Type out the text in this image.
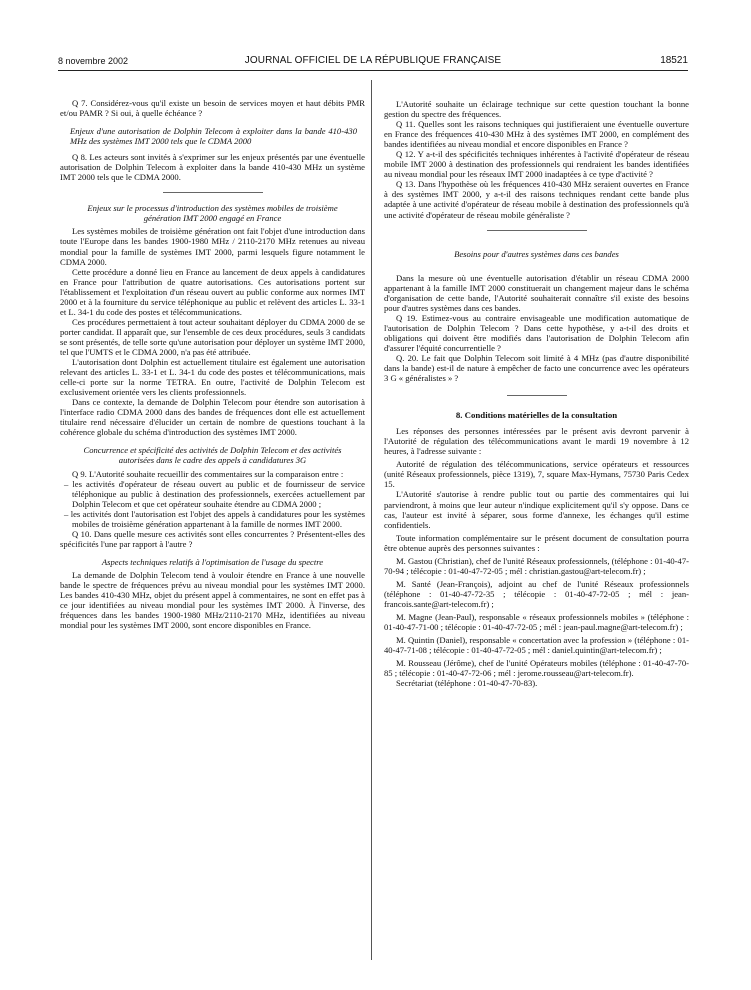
8 novembre 2002	JOURNAL OFFICIEL DE LA RÉPUBLIQUE FRANÇAISE	18521

Q 7. Considérez-vous qu'il existe un besoin de services moyen et haut débits PMR et/ou PAMR ? Si oui, à quelle échéance ?

Enjeux d'une autorisation de Dolphin Telecom à exploiter dans la bande 410-430 MHz des systèmes IMT 2000 tels que le CDMA 2000

Q 8. Les acteurs sont invités à s'exprimer sur les enjeux présentés par une éventuelle autorisation de Dolphin Telecom à exploiter dans la bande 410-430 MHz un système IMT 2000 tels que le CDMA 2000.

Enjeux sur le processus d'introduction des systèmes mobiles de troisième génération IMT 2000 engagé en France

Les systèmes mobiles de troisième génération ont fait l'objet d'une introduction dans toute l'Europe dans les bandes 1900-1980 MHz / 2110-2170 MHz retenues au niveau mondial pour la famille de systèmes IMT 2000, parmi lesquels figure notamment le CDMA 2000.

Cette procédure a donné lieu en France au lancement de deux appels à candidatures en France pour l'attribution de quatre autorisations. Ces autorisations portent sur l'établissement et l'exploitation d'un réseau ouvert au public conforme aux normes IMT 2000 et à la fourniture du service téléphonique au public et relèvent des articles L. 33-1 et L. 34-1 du code des postes et télécommunications.

Ces procédures permettaient à tout acteur souhaitant déployer du CDMA 2000 de se porter candidat. Il apparaît que, sur l'ensemble de ces deux procédures, seuls 3 candidats se sont présentés, de telle sorte qu'une autorisation pour déployer un système IMT 2000, tel que l'UMTS et le CDMA 2000, n'a pas été attribuée.

L'autorisation dont Dolphin est actuellement titulaire est également une autorisation relevant des articles L. 33-1 et L. 34-1 du code des postes et télécommunications, mais celle-ci porte sur la norme TETRA. En outre, l'activité de Dolphin Telecom est exclusivement orientée vers les clients professionnels.

Dans ce contexte, la demande de Dolphin Telecom pour étendre son autorisation à l'interface radio CDMA 2000 dans des bandes de fréquences dont elle est actuellement titulaire rend nécessaire d'élucider un certain de nombre de questions touchant à la cohérence globale du schéma d'introduction des systèmes IMT 2000.

Concurrence et spécificité des activités de Dolphin Telecom et des activités autorisées dans le cadre des appels à candidatures 3G

Q 9. L'Autorité souhaite recueillir des commentaires sur la comparaison entre :

– les activités d'opérateur de réseau ouvert au public et de fournisseur de service téléphonique au public à destination des professionnels, exercées actuellement par Dolphin Telecom et que cet opérateur souhaite étendre au CDMA 2000 ;
– les activités dont l'autorisation est l'objet des appels à candidatures pour les systèmes mobiles de troisième génération appartenant à la famille de normes IMT 2000.

Q 10. Dans quelle mesure ces activités sont elles concurrentes ? Présentent-elles des spécificités l'une par rapport à l'autre ?

Aspects techniques relatifs à l'optimisation de l'usage du spectre

La demande de Dolphin Telecom tend à vouloir étendre en France à une nouvelle bande le spectre de fréquences prévu au niveau mondial pour les systèmes IMT 2000. Les bandes 410-430 MHz, objet du présent appel à commentaires, ne sont en effet pas à ce jour identifiées au niveau mondial pour les systèmes IMT 2000. À l'inverse, des fréquences dans les bandes 1900-1980 MHz/2110-2170 MHz, identifiées au niveau mondial pour les systèmes IMT 2000, sont encore disponibles en France.

L'Autorité souhaite un éclairage technique sur cette question touchant la bonne gestion du spectre des fréquences.

Q 11. Quelles sont les raisons techniques qui justifieraient une éventuelle ouverture en France des fréquences 410-430 MHz à des systèmes IMT 2000, en complément des bandes identifiées au niveau mondial et encore disponibles en France ?

Q 12. Y a-t-il des spécificités techniques inhérentes à l'activité d'opérateur de réseau mobile IMT 2000 à destination des professionnels qui rendraient les bandes identifiées au niveau mondial pour les réseaux IMT 2000 inadaptées à ce type d'activité ?

Q 13. Dans l'hypothèse où les fréquences 410-430 MHz seraient ouvertes en France à des systèmes IMT 2000, y a-t-il des raisons techniques rendant cette bande plus adaptée à une activité d'opérateur de réseau mobile à destination des professionnels qu'à une activité d'opérateur de réseau mobile généraliste ?

Besoins pour d'autres systèmes dans ces bandes

Dans la mesure où une éventuelle autorisation d'établir un réseau CDMA 2000 appartenant à la famille IMT 2000 constituerait un changement majeur dans le schéma d'organisation de cette bande, l'Autorité souhaiterait connaître s'il existe des besoins pour d'autres systèmes dans ces bandes.

Q 19. Estimez-vous au contraire envisageable une modification automatique de l'autorisation de Dolphin Telecom ? Dans cette hypothèse, y a-t-il des droits et obligations qui doivent être modifiés dans l'autorisation de Dolphin Telecom afin d'assurer l'équité concurrentielle ?

Q. 20. Le fait que Dolphin Telecom soit limité à 4 MHz (pas d'autre disponibilité dans la bande) est-il de nature à empêcher de facto une concurrence avec les opérateurs 3 G « généralistes » ?

8. Conditions matérielles de la consultation

Les réponses des personnes intéressées par le présent avis devront parvenir à l'Autorité de régulation des télécommunications avant le mardi 19 novembre à 12 heures, à l'adresse suivante :

Autorité de régulation des télécommunications, service opérateurs et ressources (unité Réseaux professionnels, pièce 1319), 7, square Max-Hymans, 75730 Paris Cedex 15.

L'Autorité s'autorise à rendre public tout ou partie des commentaires qui lui parviendront, à moins que leur auteur n'indique explicitement qu'il s'y oppose. Dans ce cas, l'auteur est invité à séparer, sous forme d'annexe, les échanges qu'il estime confidentiels.

Toute information complémentaire sur le présent document de consultation pourra être obtenue auprès des personnes suivantes :

M. Gastou (Christian), chef de l'unité Réseaux professionnels, (téléphone : 01-40-47-70-94 ; télécopie : 01-40-47-72-05 ; mél : christian.gastou@art-telecom.fr) ;

M. Santé (Jean-François), adjoint au chef de l'unité Réseaux professionnels (téléphone : 01-40-47-72-35 ; télécopie : 01-40-47-72-05 ; mél : jean-francois.sante@art-telecom.fr) ;

M. Magne (Jean-Paul), responsable « réseaux professionnels mobiles » (téléphone : 01-40-47-71-00 ; télécopie : 01-40-47-72-05 ; mél : jean-paul.magne@art-telecom.fr) ;

M. Quintin (Daniel), responsable « concertation avec la profession » (téléphone : 01-40-47-71-08 ; télécopie : 01-40-47-72-05 ; mél : daniel.quintin@art-telecom.fr) ;

M. Rousseau (Jérôme), chef de l'unité Opérateurs mobiles (téléphone : 01-40-47-70-85 ; télécopie : 01-40-47-72-06 ; mél : jerome.rousseau@art-telecom.fr).

Secrétariat (téléphone : 01-40-47-70-83).
